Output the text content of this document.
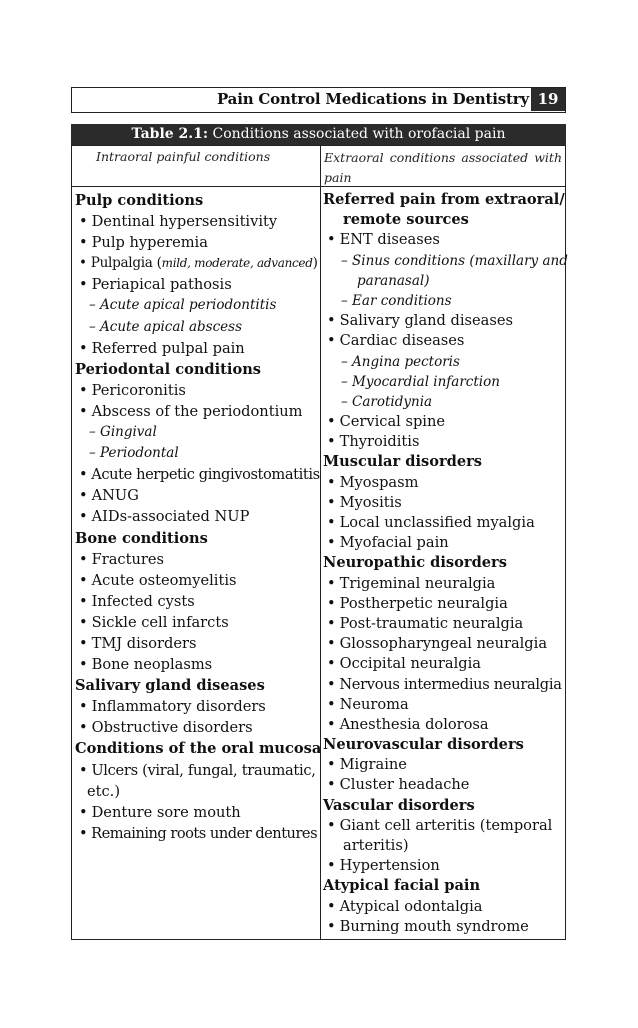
Pain Control Medications in Dentistry 19
Table 2.1: Conditions associated with orofacial pain
Intraoral painful conditions	Extraoral conditions associated with pain
Pulp conditions
• Dentinal hypersensitivity
• Pulp hyperemia
• Pulpalgia (mild, moderate, advanced)
• Periapical pathosis
– Acute apical periodontitis
– Acute apical abscess
• Referred pulpal pain
Periodontal conditions
• Pericoronitis
• Abscess of the periodontium
– Gingival
– Periodontal
• Acute herpetic gingivostomatitis
• ANUG
• AIDs-associated NUP
Bone conditions
• Fractures
• Acute osteomyelitis
• Infected cysts
• Sickle cell infarcts
• TMJ disorders
• Bone neoplasms
Salivary gland diseases
• Inflammatory disorders
• Obstructive disorders
Conditions of the oral mucosa
• Ulcers (viral, fungal, traumatic,
etc.)
• Denture sore mouth
• Remaining roots under dentures
Referred pain from extraoral/
remote sources
• ENT diseases
– Sinus conditions (maxillary and
paranasal)
– Ear conditions
• Salivary gland diseases
• Cardiac diseases
– Angina pectoris
– Myocardial infarction
– Carotidynia
• Cervical spine
• Thyroiditis
Muscular disorders
• Myospasm
• Myositis
• Local unclassified myalgia
• Myofacial pain
Neuropathic disorders
• Trigeminal neuralgia
• Postherpetic neuralgia
• Post-traumatic neuralgia
• Glossopharyngeal neuralgia
• Occipital neuralgia
• Nervous intermedius neuralgia
• Neuroma
• Anesthesia dolorosa
Neurovascular disorders
• Migraine
• Cluster headache
Vascular disorders
• Giant cell arteritis (temporal
arteritis)
• Hypertension
Atypical facial pain
• Atypical odontalgia
• Burning mouth syndrome
